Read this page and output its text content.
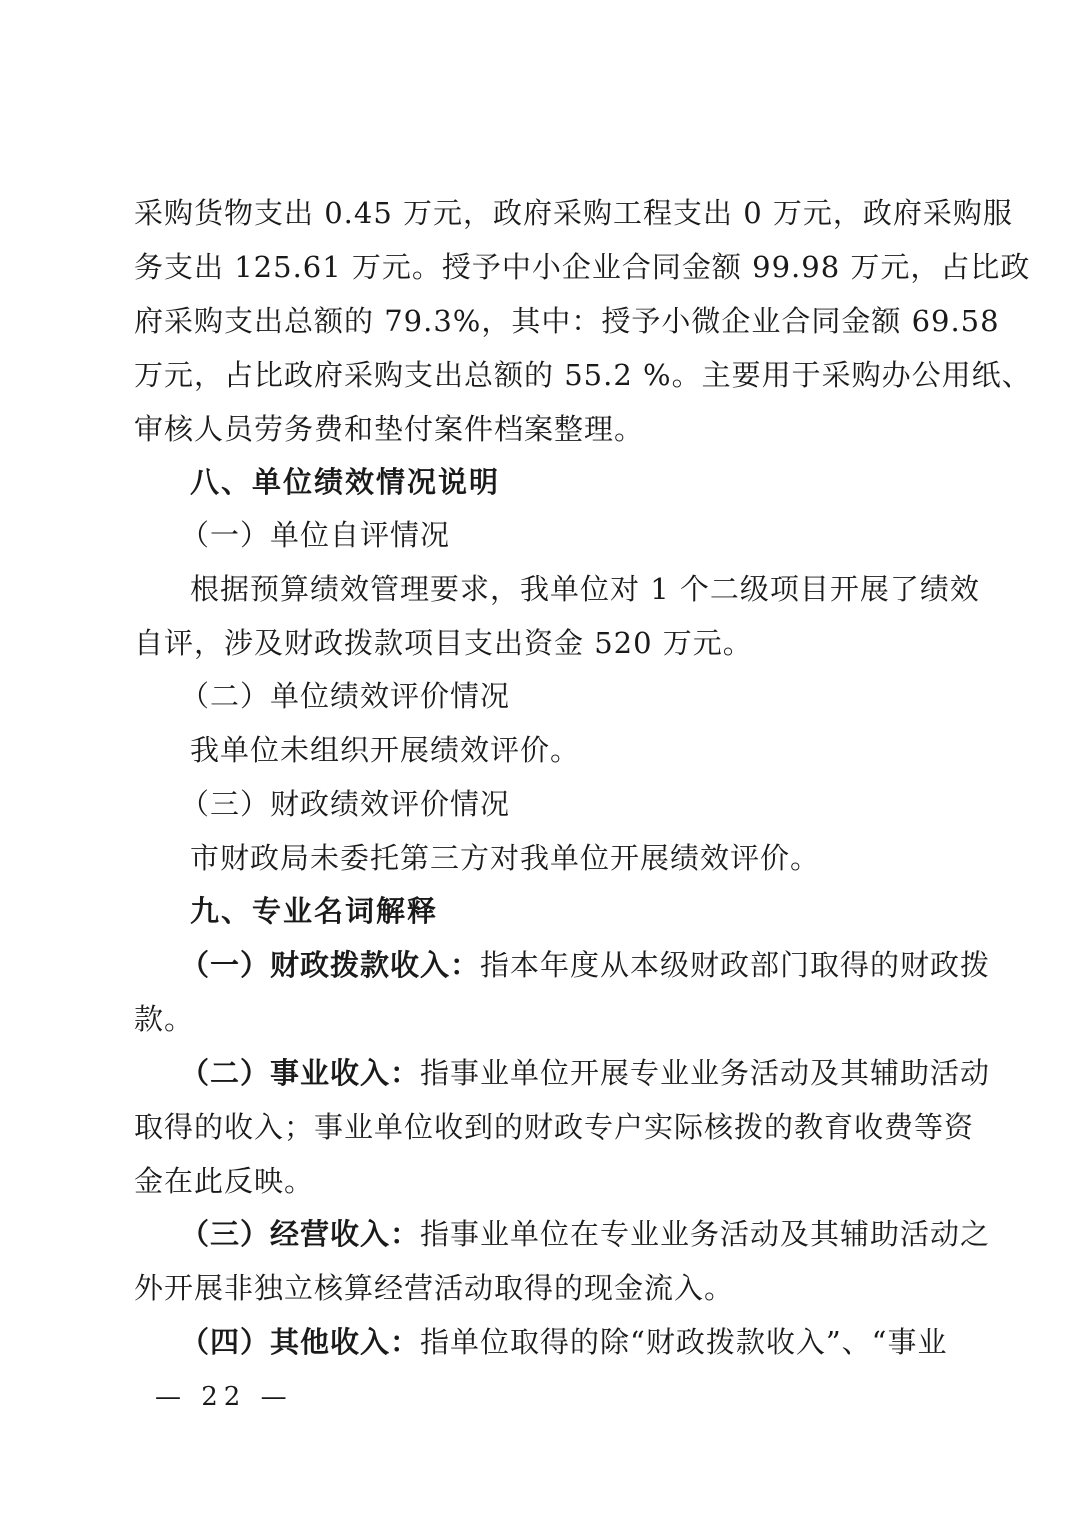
采购货物支出 0.45 万元，政府采购工程支出 0 万元，政府采购服
务支出 125.61 万元。授予中小企业合同金额 99.98 万元，占比政
府采购支出总额的 79.3%，其中：授予小微企业合同金额 69.58
万元，占比政府采购支出总额的 55.2 %。主要用于采购办公用纸、
审核人员劳务费和垫付案件档案整理。
八、单位绩效情况说明
（一）单位自评情况
根据预算绩效管理要求，我单位对 1 个二级项目开展了绩效
自评，涉及财政拨款项目支出资金 520 万元。
（二）单位绩效评价情况
我单位未组织开展绩效评价。
（三）财政绩效评价情况
市财政局未委托第三方对我单位开展绩效评价。
九、专业名词解释
（一）财政拨款收入：指本年度从本级财政部门取得的财政拨
款。
（二）事业收入：指事业单位开展专业业务活动及其辅助活动
取得的收入；事业单位收到的财政专户实际核拨的教育收费等资
金在此反映。
（三）经营收入：指事业单位在专业业务活动及其辅助活动之
外开展非独立核算经营活动取得的现金流入。
（四）其他收入：指单位取得的除“财政拨款收入”、“事业
— 22 —
